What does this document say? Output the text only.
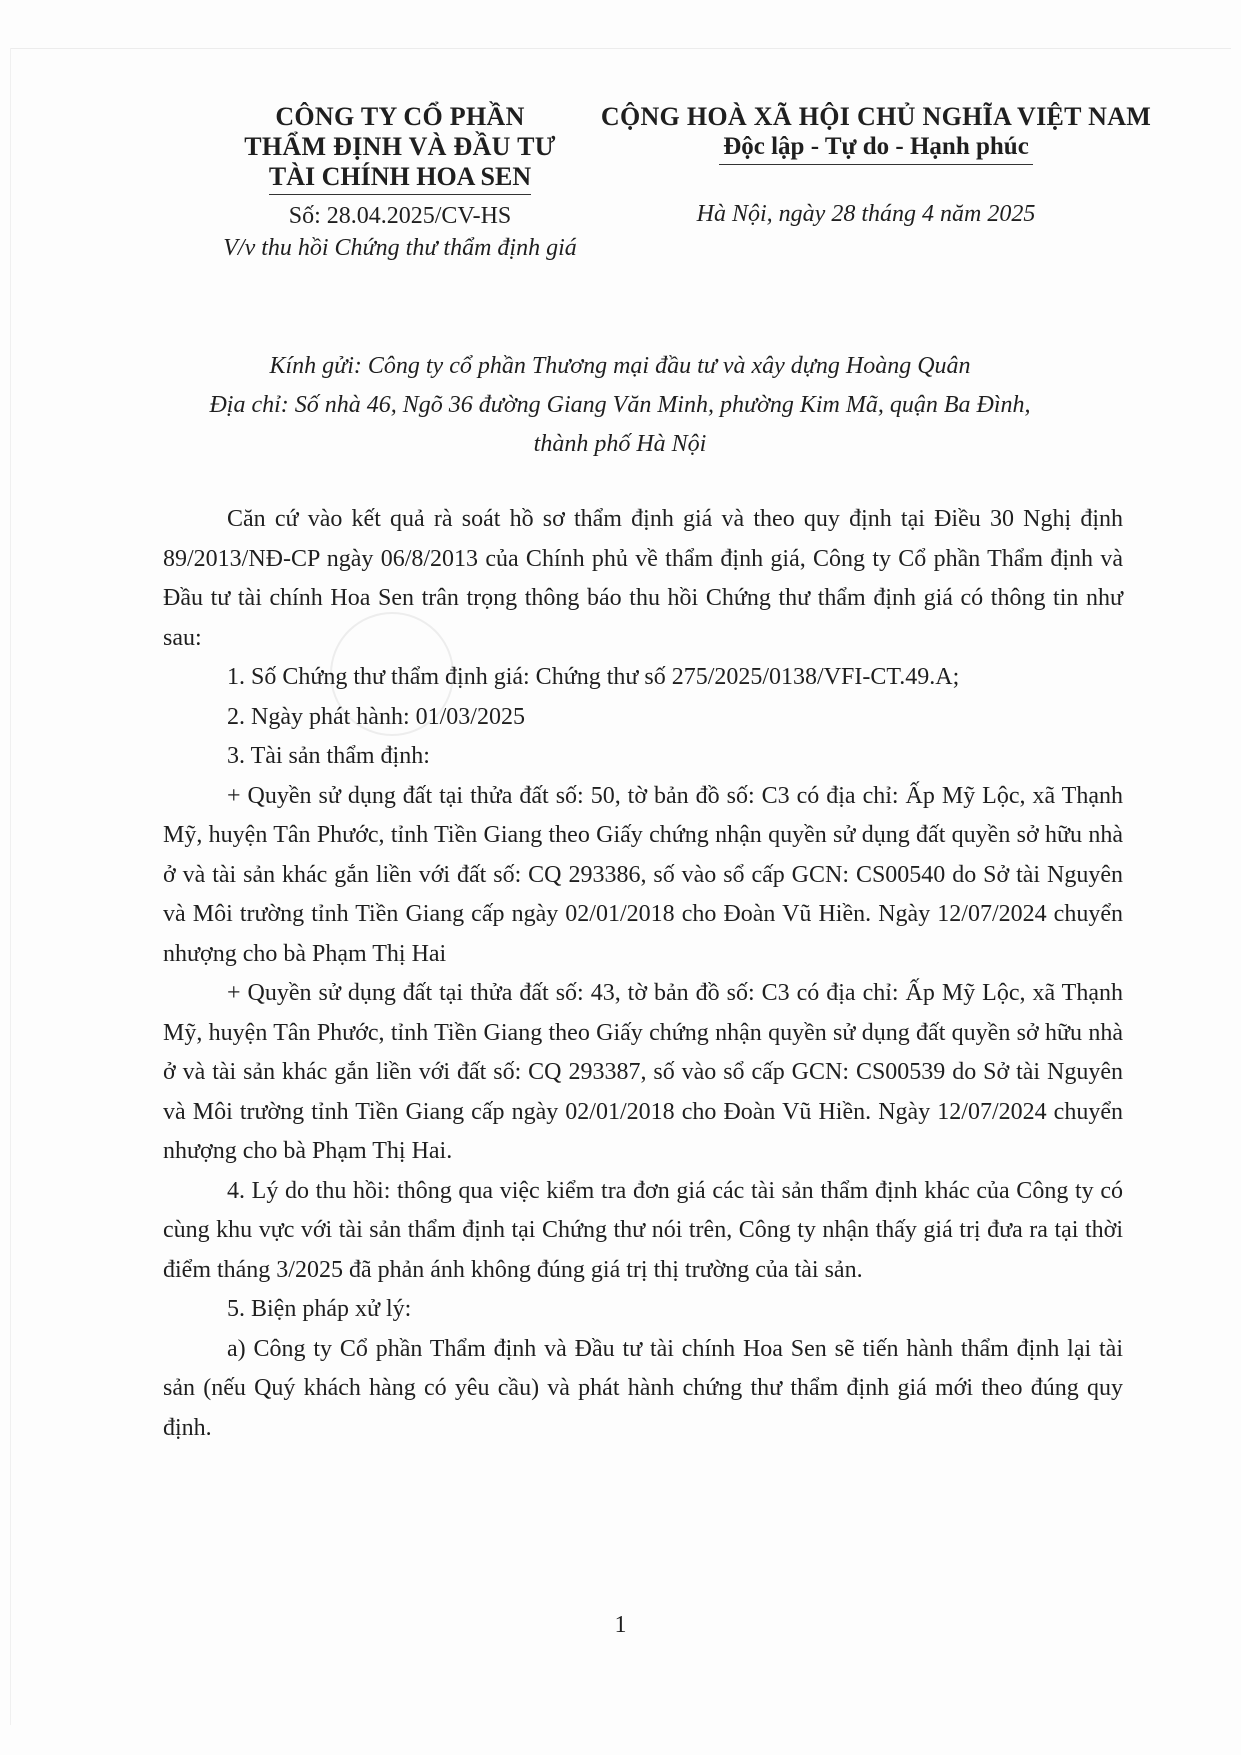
CÔNG TY CỔ PHẦN
THẨM ĐỊNH VÀ ĐẦU TƯ
TÀI CHÍNH HOA SEN
Số: 28.04.2025/CV-HS
V/v thu hồi Chứng thư thẩm định giá
CỘNG HOÀ XÃ HỘI CHỦ NGHĨA VIỆT NAM
Độc lập - Tự do - Hạnh phúc
Hà Nội, ngày 28 tháng 4 năm 2025
Kính gửi: Công ty cổ phần Thương mại đầu tư và xây dựng Hoàng Quân
Địa chỉ: Số nhà 46, Ngõ 36 đường Giang Văn Minh, phường Kim Mã, quận Ba Đình,
thành phố Hà Nội

Căn cứ vào kết quả rà soát hồ sơ thẩm định giá và theo quy định tại Điều 30 Nghị định 89/2013/NĐ-CP ngày 06/8/2013 của Chính phủ về thẩm định giá, Công ty Cổ phần Thẩm định và Đầu tư tài chính Hoa Sen trân trọng thông báo thu hồi Chứng thư thẩm định giá có thông tin như sau:

1. Số Chứng thư thẩm định giá: Chứng thư số 275/2025/0138/VFI-CT.49.A;

2. Ngày phát hành: 01/03/2025

3. Tài sản thẩm định:

+ Quyền sử dụng đất tại thửa đất số: 50, tờ bản đồ số: C3 có địa chỉ: Ấp Mỹ Lộc, xã Thạnh Mỹ, huyện Tân Phước, tỉnh Tiền Giang theo Giấy chứng nhận quyền sử dụng đất quyền sở hữu nhà ở và tài sản khác gắn liền với đất số: CQ 293386, số vào sổ cấp GCN: CS00540 do Sở tài Nguyên và Môi trường tỉnh Tiền Giang cấp ngày 02/01/2018 cho Đoàn Vũ Hiền. Ngày 12/07/2024 chuyển nhượng cho bà Phạm Thị Hai

+ Quyền sử dụng đất tại thửa đất số: 43, tờ bản đồ số: C3 có địa chỉ: Ấp Mỹ Lộc, xã Thạnh Mỹ, huyện Tân Phước, tỉnh Tiền Giang theo Giấy chứng nhận quyền sử dụng đất quyền sở hữu nhà ở và tài sản khác gắn liền với đất số: CQ 293387, số vào sổ cấp GCN: CS00539 do Sở tài Nguyên và Môi trường tỉnh Tiền Giang cấp ngày 02/01/2018 cho Đoàn Vũ Hiền. Ngày 12/07/2024 chuyển nhượng cho bà Phạm Thị Hai.

4. Lý do thu hồi: thông qua việc kiểm tra đơn giá các tài sản thẩm định khác của Công ty có cùng khu vực với tài sản thẩm định tại Chứng thư nói trên, Công ty nhận thấy giá trị đưa ra tại thời điểm tháng 3/2025 đã phản ánh không đúng giá trị thị trường của tài sản.

5. Biện pháp xử lý:

a) Công ty Cổ phần Thẩm định và Đầu tư tài chính Hoa Sen sẽ tiến hành thẩm định lại tài sản (nếu Quý khách hàng có yêu cầu) và phát hành chứng thư thẩm định giá mới theo đúng quy định.

1
